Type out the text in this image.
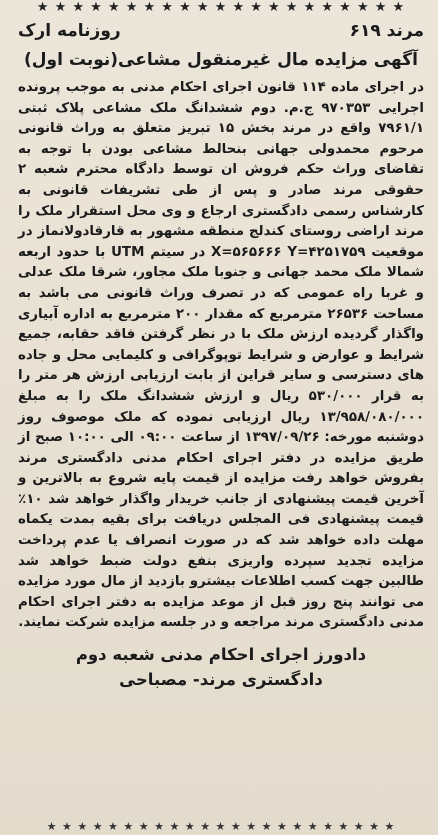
★ ★ ★ ★ ★ ★ ★ ★ ★ ★ ★ ★ ★ ★ ★ ★ ★ ★ ★ ★ ★
مرند ۶۱۹
روزنامه ارک
آگهی مزایده مال غیرمنقول مشاعی(نوبت اول)

در اجرای ماده ۱۱۴ قانون اجرای احکام مدنی به موجب پرونده اجرایی ۹۷۰۳۵۳ ج.م. دوم ششدانگ ملک مشاعی پلاک ثبتی ۷۹۶۱/۱ واقع در مرند بخش ۱۵ تبریز متعلق به وراث قانونی مرحوم محمدولی جهانی بنحالط مشاعی بودن با توجه به تقاضای وراث حکم فروش ان توسط دادگاه محترم شعبه ۲ حقوقی مرند صادر و پس از طی تشریفات قانونی به کارشناس رسمی دادگستری ارجاع و وی محل استقرار ملک را مرند اراضی روستای کندلج منطقه مشهور به قارقادولانماز در موقعیت X=۵۶۵۶۶۶ Y=۴۲۵۱۷۵۹ در سیتم UTM با حدود اربعه شمالا ملک محمد جهانی و جنوبا ملک مجاور، شرقا ملک عدلی و غربا راه عمومی که در تصرف وراث قانونی می باشد به مساحت ۲۶۵۳۶ مترمربع که مقدار ۲۰۰ مترمربع به اداره آبیاری واگذار گردیده ارزش ملک با در نظر گرفتن فاقد حقابه، جمیع شرایط و عوارض و شرایط توپوگرافی و کلیمایی محل و جاده های دسترسی و سایر قراین از بابت ارزیابی ارزش هر متر را به قرار ۵۳۰/۰۰۰ ریال و ارزش ششدانگ ملک را به مبلغ ۱۳/۹۵۸/۰۸۰/۰۰۰ ریال ارزیابی نموده که ملک موصوف روز دوشنبه مورخه: ۱۳۹۷/۰۹/۲۶ از ساعت ۰۹:۰۰ الی ۱۰:۰۰ صبح از طریق مزایده در دفتر اجرای احکام مدنی دادگستری مرند بفروش خواهد رفت مزایده از قیمت پایه شروع به بالاترین و آخرین قیمت پیشنهادی از جانب خریدار واگذار خواهد شد ۱۰٪ قیمت پیشنهادی فی المجلس دریافت برای بقیه بمدت یکماه مهلت داده خواهد شد که در صورت انصراف یا عدم پرداخت مزایده تجدید سپرده واریزی بنفع دولت ضبط خواهد شد طالبین جهت کسب اطلاعات بیشترو بازدید از مال مورد مزایده می توانند پنج روز قبل از موعد مزایده به دفتر اجرای احکام مدنی دادگستری مرند مراجعه و در جلسه مزایده شرکت نمایند.

دادورز اجرای احکام مدنی شعبه دوم
دادگستری مرند- مصباحی
★ ★ ★ ★ ★ ★ ★ ★ ★ ★ ★ ★ ★ ★ ★ ★ ★ ★ ★ ★ ★ ★ ★
